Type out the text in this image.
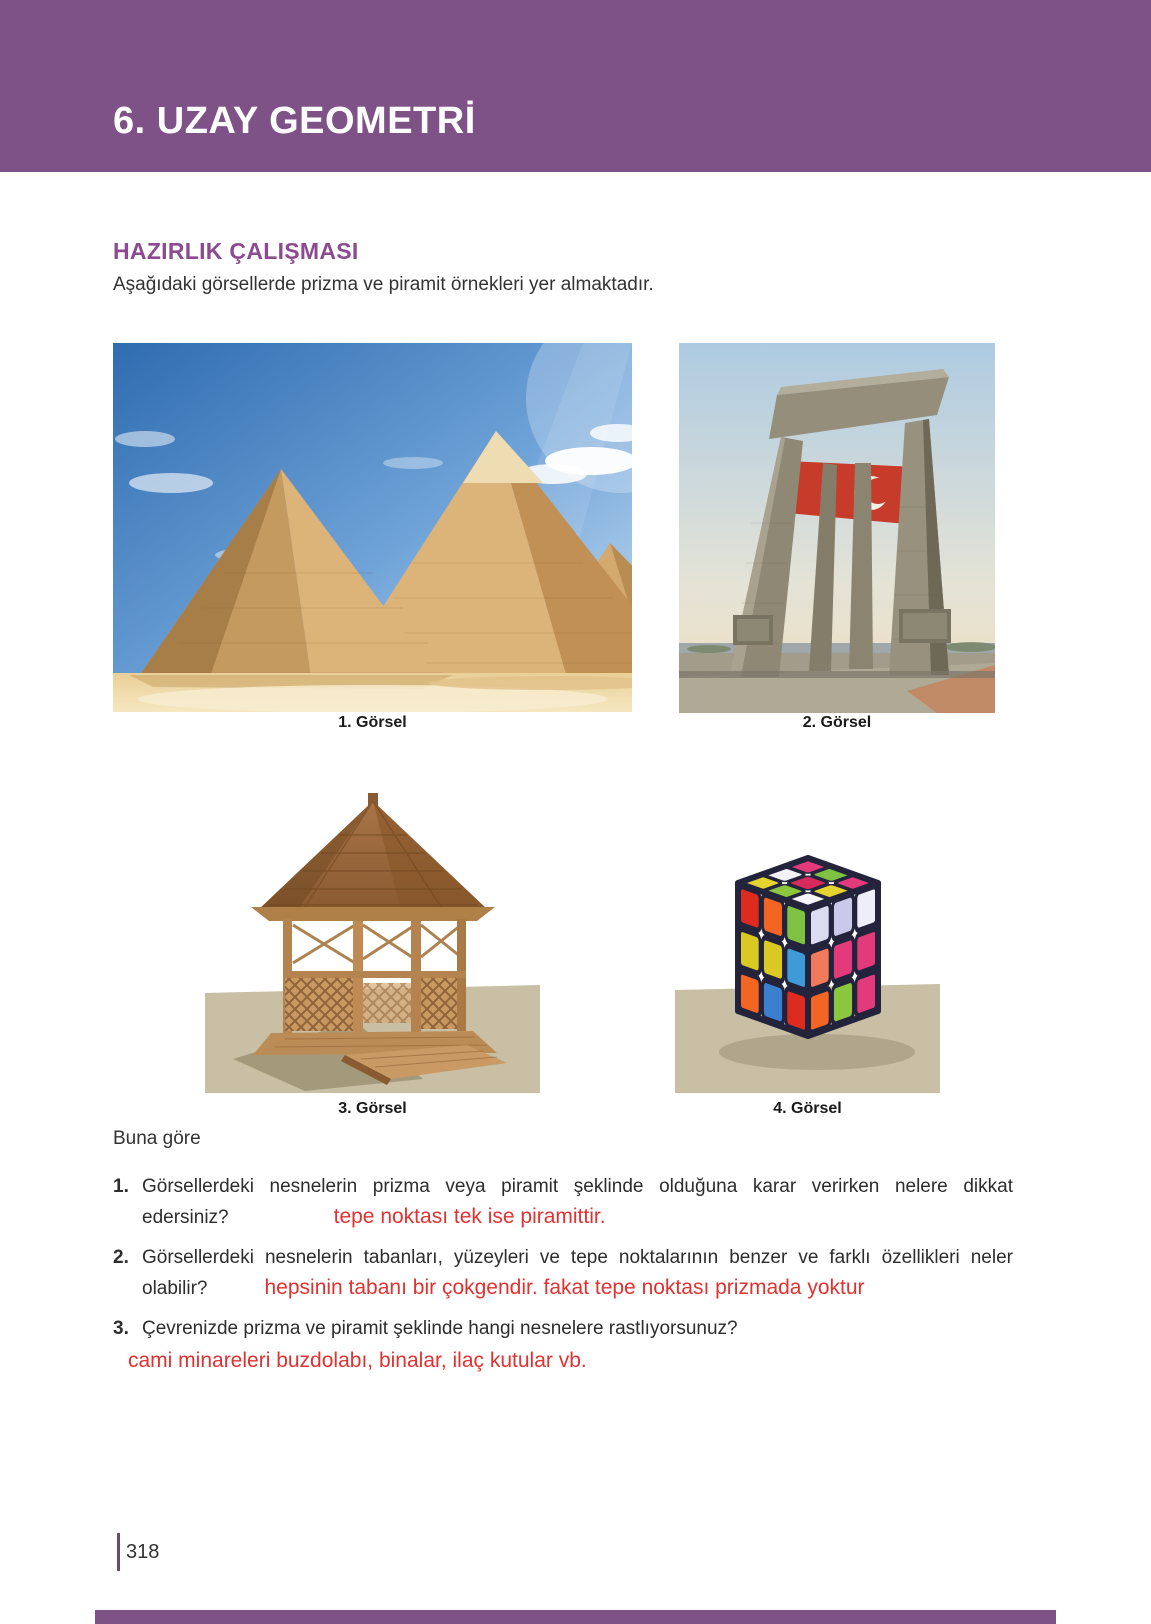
6. UZAY GEOMETRİ
HAZIRLIK ÇALIŞMASI

Aşağıdaki görsellerde prizma ve piramit örnekleri yer almaktadır.

1. Görsel	2. Görsel
3. Görsel	4. Görsel

Buna göre

1. Görsellerdeki nesnelerin prizma veya piramit şeklinde olduğuna karar verirken nelere dikkat
edersiniz?	tepe noktası tek ise piramittir.
2. Görsellerdeki nesnelerin tabanları, yüzeyleri ve tepe noktalarının benzer ve farklı özellikleri neler
olabilir?	hepsinin tabanı bir çokgendir. fakat tepe noktası prizmada yoktur
3. Çevrenizde prizma ve piramit şeklinde hangi nesnelere rastlıyorsunuz?
cami minareleri buzdolabı, binalar, ilaç kutular vb.
318
